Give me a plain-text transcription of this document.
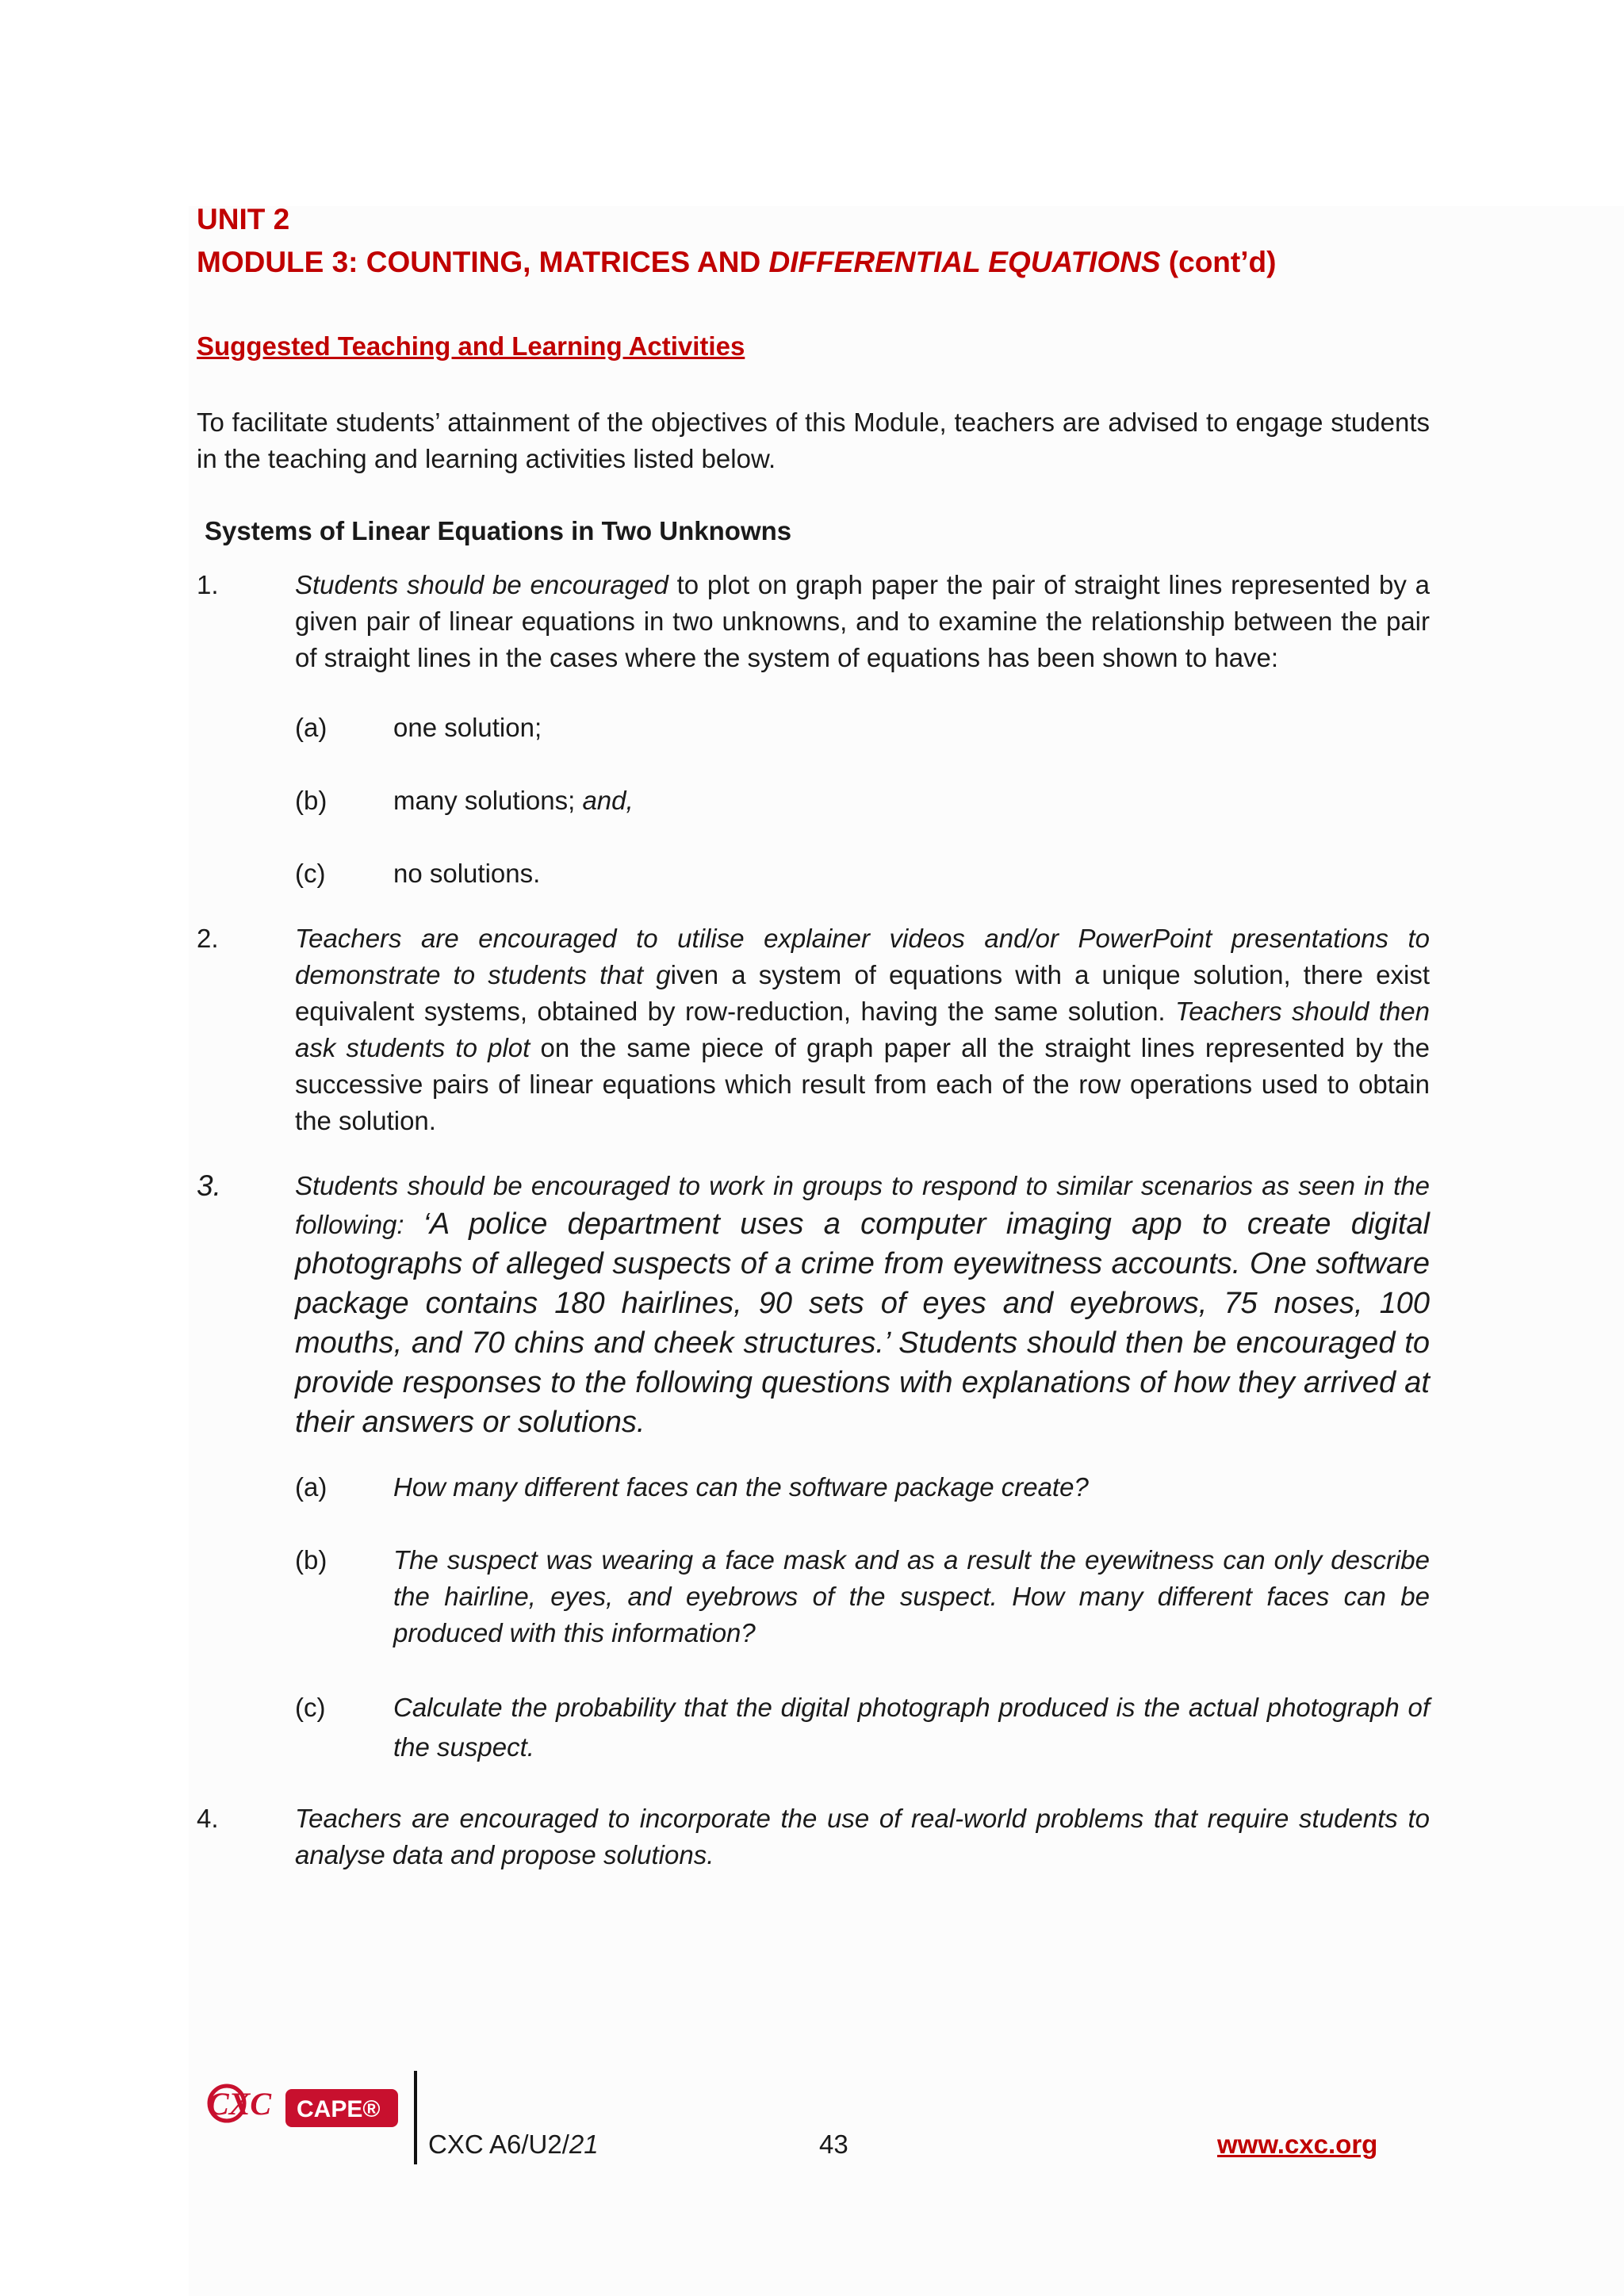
UNIT 2
MODULE 3: COUNTING, MATRICES AND DIFFERENTIAL EQUATIONS (cont’d)
Suggested Teaching and Learning Activities
To facilitate students’ attainment of the objectives of this Module, teachers are advised to engage students in the teaching and learning activities listed below.
Systems of Linear Equations in Two Unknowns
1.	Students should be encouraged to plot on graph paper the pair of straight lines represented by a given pair of linear equations in two unknowns, and to examine the relationship between the pair of straight lines in the cases where the system of equations has been shown to have:
(a)	one solution;
(b)	many solutions; and,
(c)	no solutions.
2.	Teachers are encouraged to utilise explainer videos and/or PowerPoint presentations to demonstrate to students that given a system of equations with a unique solution, there exist equivalent systems, obtained by row-reduction, having the same solution. Teachers should then ask students to plot on the same piece of graph paper all the straight lines represented by the successive pairs of linear equations which result from each of the row operations used to obtain the solution.
3.	Students should be encouraged to work in groups to respond to similar scenarios as seen in the following: ‘A police department uses a computer imaging app to create digital photographs of alleged suspects of a crime from eyewitness accounts. One software package contains 180 hairlines, 90 sets of eyes and eyebrows, 75 noses, 100 mouths, and 70 chins and cheek structures.’ Students should then be encouraged to provide responses to the following questions with explanations of how they arrived at their answers or solutions.
(a)	How many different faces can the software package create?
(b)	The suspect was wearing a face mask and as a result the eyewitness can only describe the hairline, eyes, and eyebrows of the suspect. How many different faces can be produced with this information?
(c)	Calculate the probability that the digital photograph produced is the actual photograph of the suspect.
4.	Teachers are encouraged to incorporate the use of real-world problems that require students to analyse data and propose solutions.
CXC CAPE®
CXC A6/U2/21	43	www.cxc.org
